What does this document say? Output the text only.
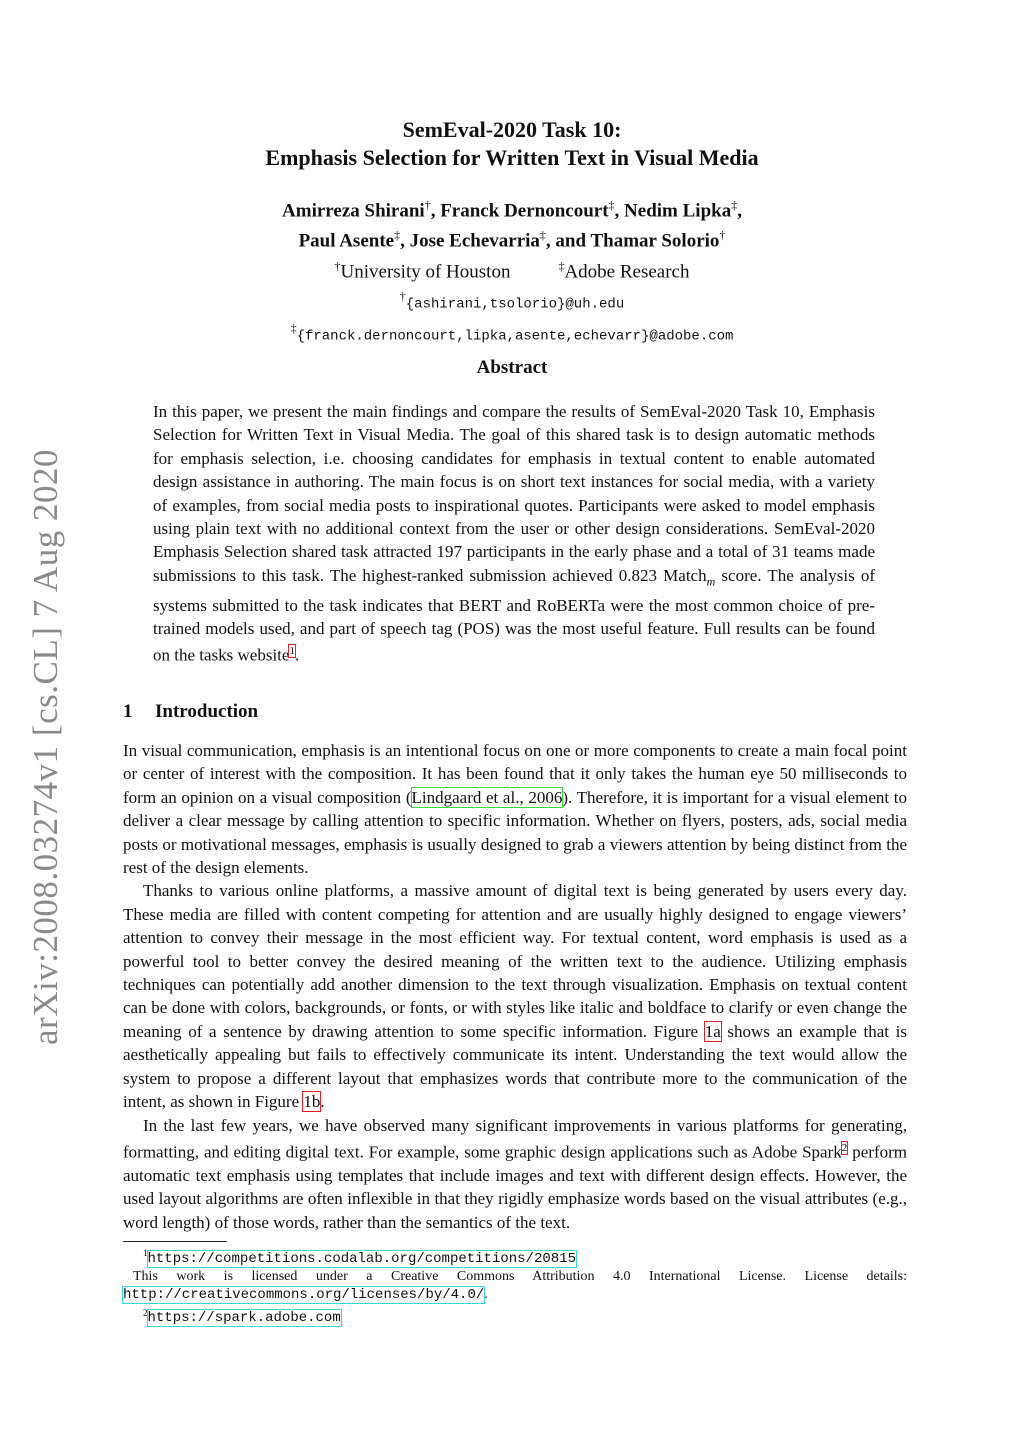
arXiv:2008.03274v1 [cs.CL] 7 Aug 2020
SemEval-2020 Task 10:
Emphasis Selection for Written Text in Visual Media
Amirreza Shirani†, Franck Dernoncourt‡, Nedim Lipka‡,
Paul Asente‡, Jose Echevarria‡, and Thamar Solorio†
†University of Houston	‡Adobe Research
†{ashirani,tsolorio}@uh.edu
‡{franck.dernoncourt,lipka,asente,echevarr}@adobe.com
Abstract
In this paper, we present the main findings and compare the results of SemEval-2020 Task 10, Emphasis Selection for Written Text in Visual Media. The goal of this shared task is to design automatic methods for emphasis selection, i.e. choosing candidates for emphasis in textual content to enable automated design assistance in authoring. The main focus is on short text instances for social media, with a variety of examples, from social media posts to inspirational quotes. Participants were asked to model emphasis using plain text with no additional context from the user or other design considerations. SemEval-2020 Emphasis Selection shared task attracted 197 participants in the early phase and a total of 31 teams made submissions to this task. The highest-ranked submission achieved 0.823 Match$_m$ score. The analysis of systems submitted to the task indicates that BERT and RoBERTa were the most common choice of pre-trained models used, and part of speech tag (POS) was the most useful feature. Full results can be found on the tasks website$^1$.
1 Introduction

In visual communication, emphasis is an intentional focus on one or more components to create a main focal point or center of interest with the composition. It has been found that it only takes the human eye 50 milliseconds to form an opinion on a visual composition (Lindgaard et al., 2006). Therefore, it is important for a visual element to deliver a clear message by calling attention to specific information. Whether on flyers, posters, ads, social media posts or motivational messages, emphasis is usually designed to grab a viewers attention by being distinct from the rest of the design elements.

Thanks to various online platforms, a massive amount of digital text is being generated by users every day. These media are filled with content competing for attention and are usually highly designed to engage viewers’ attention to convey their message in the most efficient way. For textual content, word emphasis is used as a powerful tool to better convey the desired meaning of the written text to the audience. Utilizing emphasis techniques can potentially add another dimension to the text through visualization. Emphasis on textual content can be done with colors, backgrounds, or fonts, or with styles like italic and boldface to clarify or even change the meaning of a sentence by drawing attention to some specific information. Figure 1a shows an example that is aesthetically appealing but fails to effectively communicate its intent. Understanding the text would allow the system to propose a different layout that emphasizes words that contribute more to the communication of the intent, as shown in Figure 1b.

In the last few years, we have observed many significant improvements in various platforms for generating, formatting, and editing digital text. For example, some graphic design applications such as Adobe Spark$^2$ perform automatic text emphasis using templates that include images and text with different design effects. However, the used layout algorithms are often inflexible in that they rigidly emphasize words based on the visual attributes (e.g., word length) of those words, rather than the semantics of the text.

$^1$https://competitions.codalab.org/competitions/20815
This work is licensed under a Creative Commons Attribution 4.0 International License. License details: http://creativecommons.org/licenses/by/4.0/.
$^2$https://spark.adobe.com
